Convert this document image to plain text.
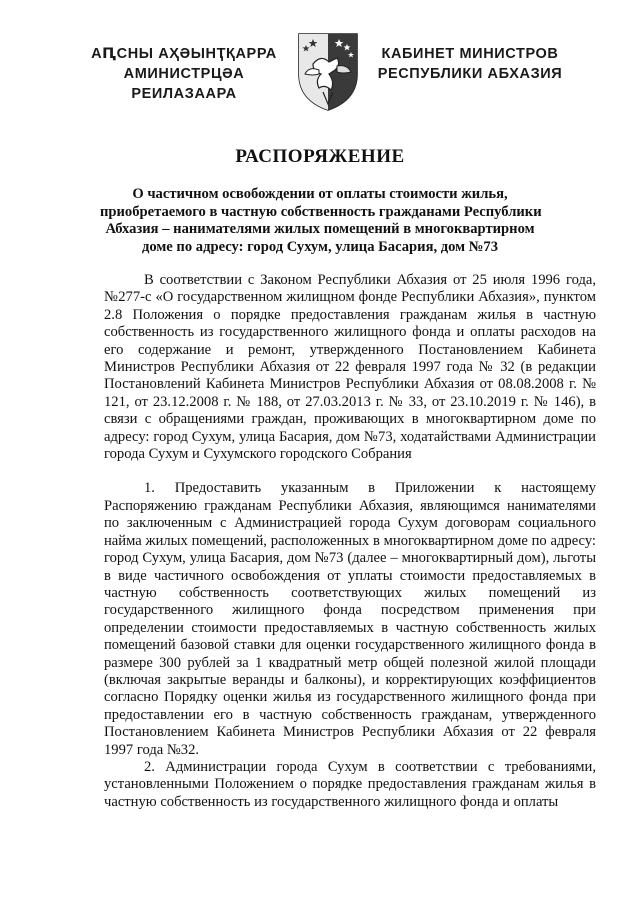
АԤСНЫ АҲӘЫНҬҚАРРА
АМИНИСТРЦӘА РЕИЛАЗААРА
КАБИНЕТ МИНИСТРОВ
РЕСПУБЛИКИ АБХАЗИЯ
РАСПОРЯЖЕНИЕ
О частичном освобождении от оплаты стоимости жилья,
приобретаемого в частную собственность гражданами Республики
Абхазия – нанимателями жилых помещений в многоквартирном
доме по адресу: город Сухум, улица Басария, дом №73

В соответствии с Законом Республики Абхазия от 25 июля 1996 года, №277-с «О государственном жилищном фонде Республики Абхазия», пунктом 2.8 Положения о порядке предоставления гражданам жилья в частную собственность из государственного жилищного фонда и оплаты расходов на его содержание и ремонт, утвержденного Постановлением Кабинета Министров Республики Абхазия от 22 февраля 1997 года № 32 (в редакции Постановлений Кабинета Министров Республики Абхазия от 08.08.2008 г. № 121, от 23.12.2008 г. № 188, от 27.03.2013 г. № 33, от 23.10.2019 г. № 146), в связи с обращениями граждан, проживающих в многоквартирном доме по адресу: город Сухум, улица Басария, дом №73, ходатайствами Администрации города Сухум и Сухумского городского Собрания

1. Предоставить указанным в Приложении к настоящему Распоряжению гражданам Республики Абхазия, являющимся нанимателями по заключенным с Администрацией города Сухум договорам социального найма жилых помещений, расположенных в многоквартирном доме по адресу: город Сухум, улица Басария, дом №73 (далее – многоквартирный дом), льготы в виде частичного освобождения от уплаты стоимости предоставляемых в частную собственность соответствующих жилых помещений из государственного жилищного фонда посредством применения при определении стоимости предоставляемых в частную собственность жилых помещений базовой ставки для оценки государственного жилищного фонда в размере 300 рублей за 1 квадратный метр общей полезной жилой площади (включая закрытые веранды и балконы), и корректирующих коэффициентов согласно Порядку оценки жилья из государственного жилищного фонда при предоставлении его в частную собственность гражданам, утвержденного Постановлением Кабинета Министров Республики Абхазия от 22 февраля 1997 года №32.

2. Администрации города Сухум в соответствии с требованиями, установленными Положением о порядке предоставления гражданам жилья в частную собственность из государственного жилищного фонда и оплаты
